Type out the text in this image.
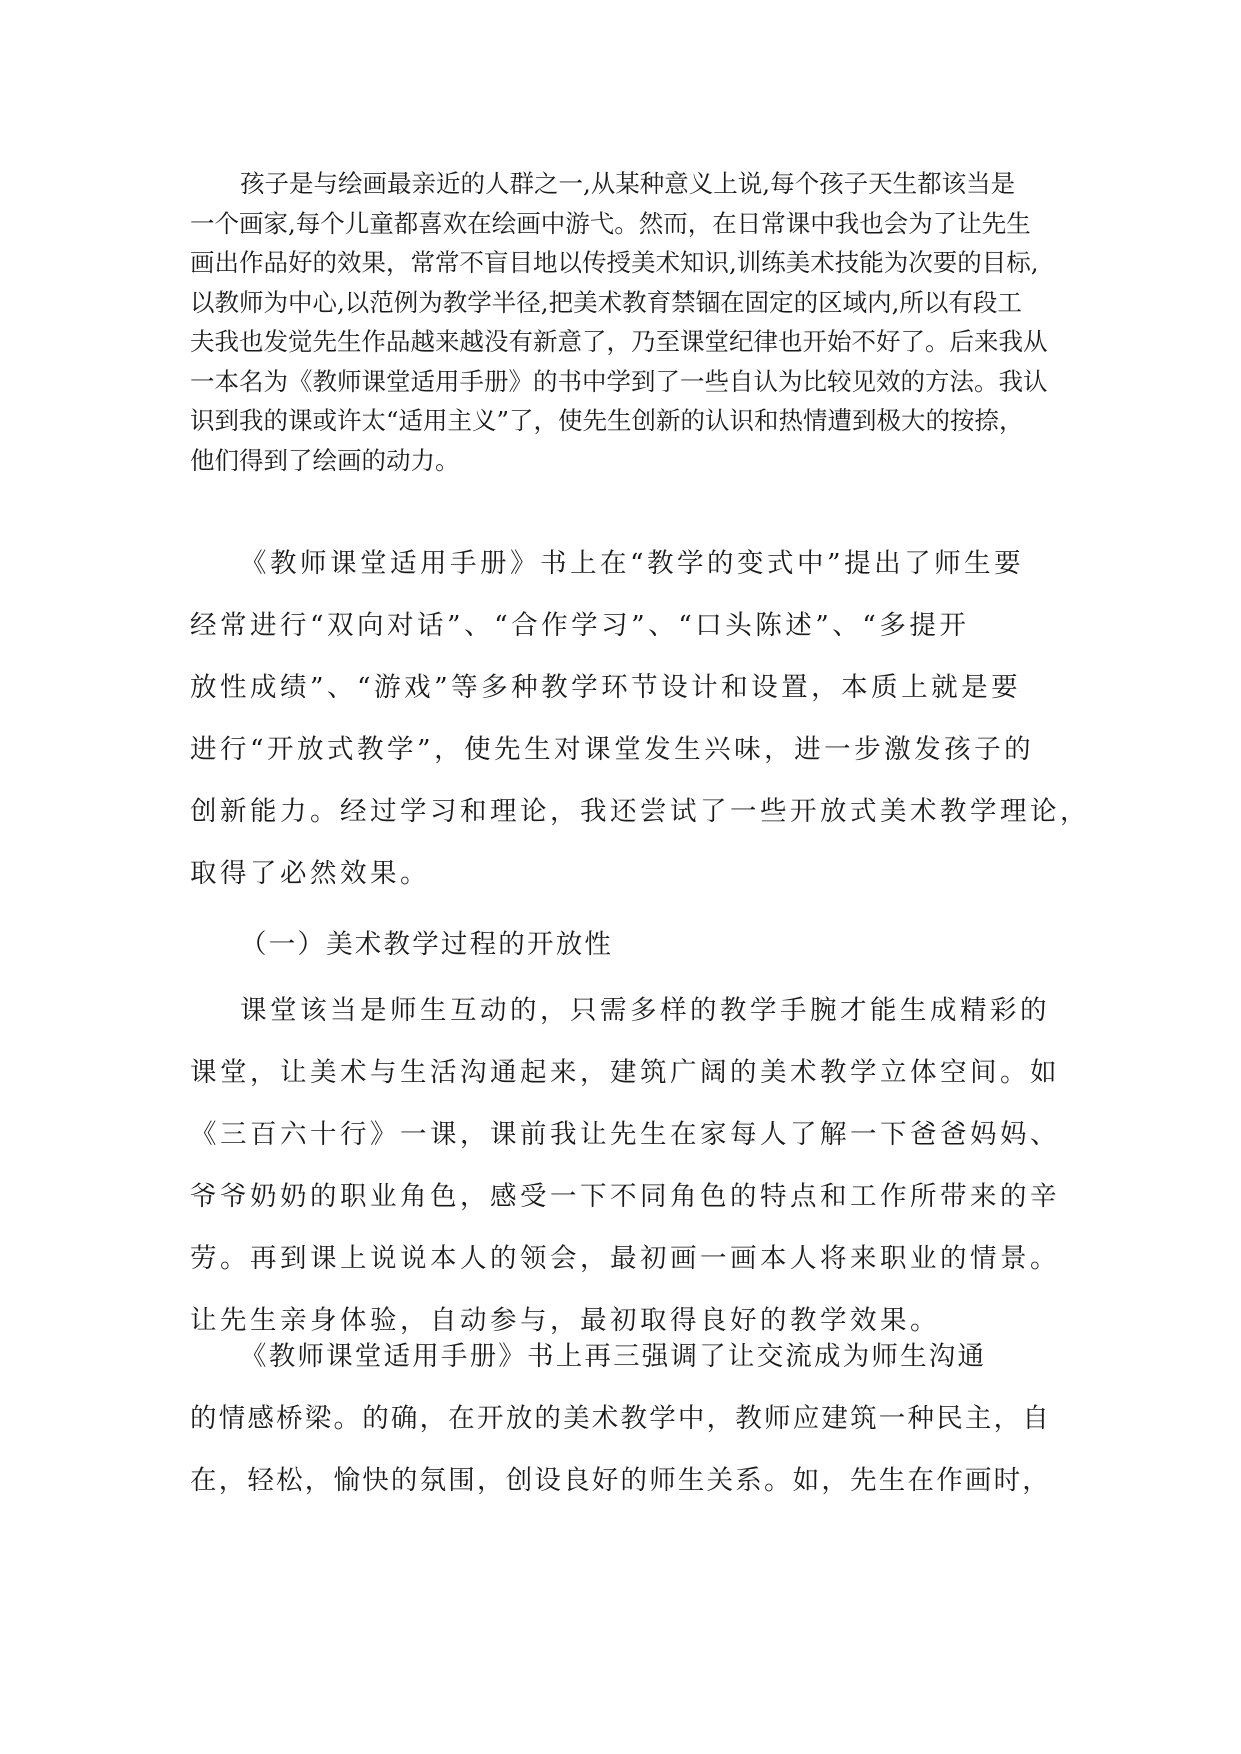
孩子是与绘画最亲近的人群之一,从某种意义上说,每个孩子天生都该当是
一个画家,每个儿童都喜欢在绘画中游弋。然而，在日常课中我也会为了让先生
画出作品好的效果，常常不盲目地以传授美术知识,训练美术技能为次要的目标,
以教师为中心,以范例为教学半径,把美术教育禁锢在固定的区域内,所以有段工
夫我也发觉先生作品越来越没有新意了，乃至课堂纪律也开始不好了。后来我从
一本名为《教师课堂适用手册》的书中学到了一些自认为比较见效的方法。我认
识到我的课或许太“适用主义”了，使先生创新的认识和热情遭到极大的按捺，
他们得到了绘画的动力。

《教师课堂适用手册》书上在“教学的变式中”提出了师生要
经常进行“双向对话”、“合作学习”、“口头陈述”、“多提开
放性成绩”、“游戏”等多种教学环节设计和设置，本质上就是要
进行“开放式教学”，使先生对课堂发生兴味，进一步激发孩子的
创新能力。经过学习和理论，我还尝试了一些开放式美术教学理论，
取得了必然效果。

（一）美术教学过程的开放性

课堂该当是师生互动的，只需多样的教学手腕才能生成精彩的
课堂，让美术与生活沟通起来，建筑广阔的美术教学立体空间。如
《三百六十行》一课，课前我让先生在家每人了解一下爸爸妈妈、
爷爷奶奶的职业角色，感受一下不同角色的特点和工作所带来的辛
劳。再到课上说说本人的领会，最初画一画本人将来职业的情景。
让先生亲身体验，自动参与，最初取得良好的教学效果。

《教师课堂适用手册》书上再三强调了让交流成为师生沟通
的情感桥梁。的确，在开放的美术教学中，教师应建筑一种民主，自
在，轻松，愉快的氛围，创设良好的师生关系。如，先生在作画时，
